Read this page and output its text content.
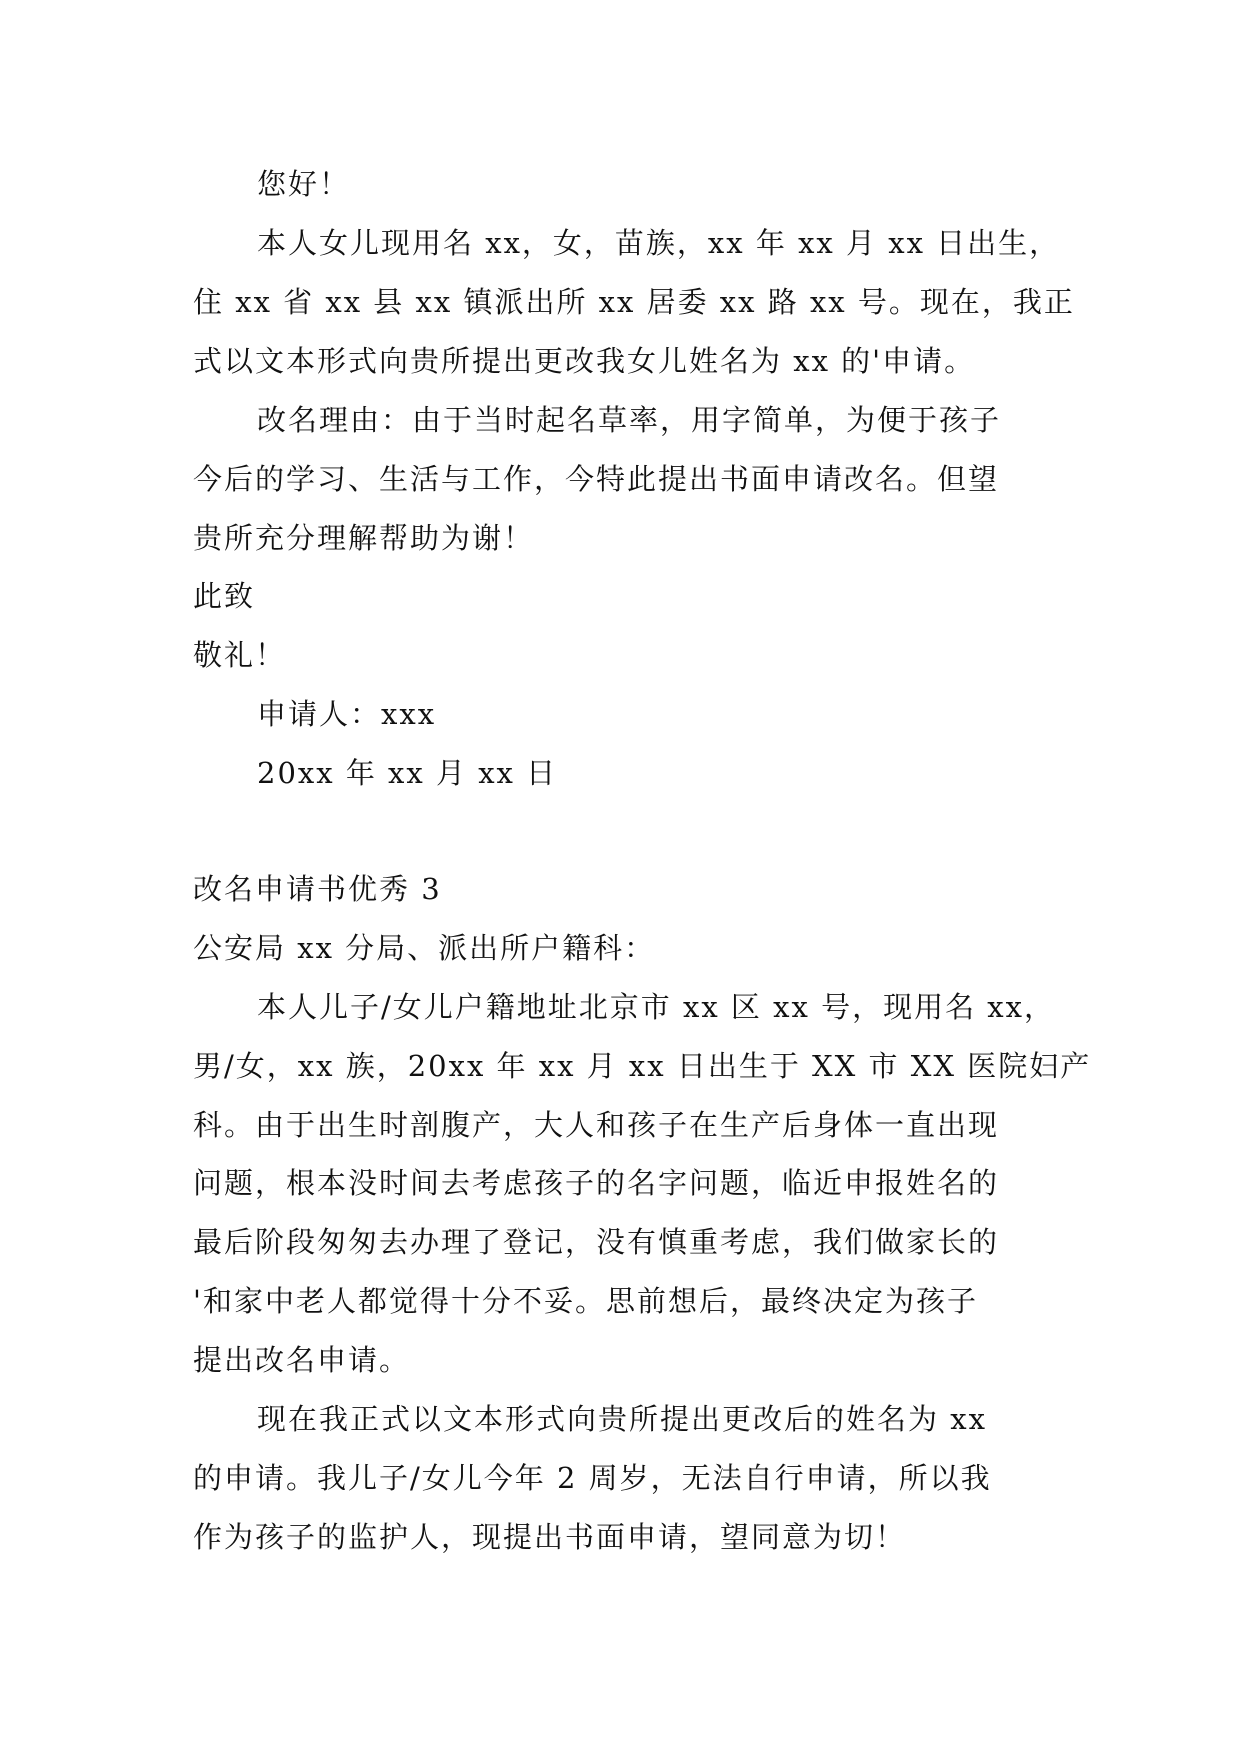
您好！
本人女儿现用名 xx，女，苗族，xx 年 xx 月 xx 日出生，
住 xx 省 xx 县 xx 镇派出所 xx 居委 xx 路 xx 号。现在，我正
式以文本形式向贵所提出更改我女儿姓名为 xx 的'申请。
改名理由：由于当时起名草率，用字简单，为便于孩子
今后的学习、生活与工作，今特此提出书面申请改名。但望
贵所充分理解帮助为谢！
此致
敬礼！
申请人：xxx
20xx 年 xx 月 xx 日
改名申请书优秀 3
公安局 xx 分局、派出所户籍科：
本人儿子/女儿户籍地址北京市 xx 区 xx 号，现用名 xx，
男/女，xx 族，20xx 年 xx 月 xx 日出生于 XX 市 XX 医院妇产
科。由于出生时剖腹产，大人和孩子在生产后身体一直出现
问题，根本没时间去考虑孩子的名字问题，临近申报姓名的
最后阶段匆匆去办理了登记，没有慎重考虑，我们做家长的
'和家中老人都觉得十分不妥。思前想后，最终决定为孩子
提出改名申请。
现在我正式以文本形式向贵所提出更改后的姓名为 xx
的申请。我儿子/女儿今年 2 周岁，无法自行申请，所以我
作为孩子的监护人，现提出书面申请，望同意为切！
